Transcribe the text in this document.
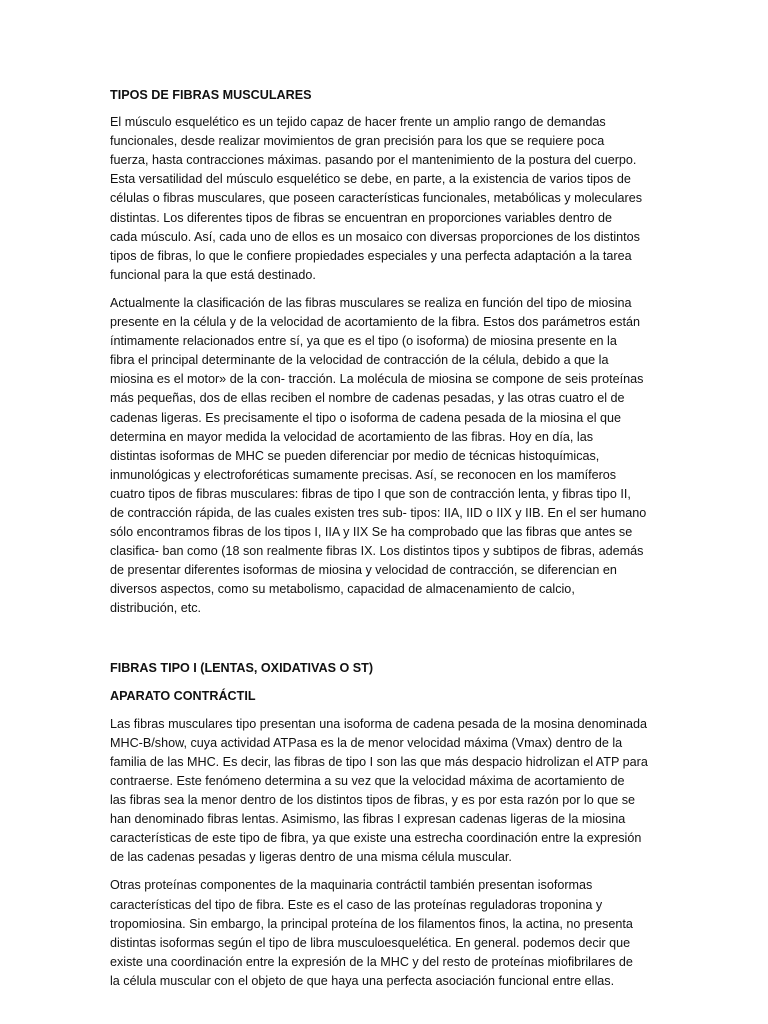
TIPOS DE FIBRAS MUSCULARES
El músculo esquelético es un tejido capaz de hacer frente un amplio rango de demandas
funcionales, desde realizar movimientos de gran precisión para los que se requiere poca
fuerza, hasta contracciones máximas. pasando por el mantenimiento de la postura del cuerpo.
Esta versatilidad del músculo esquelético se debe, en parte, a la existencia de varios tipos de
células o fibras musculares, que poseen características funcionales, metabólicas y moleculares
distintas. Los diferentes tipos de fibras se encuentran en proporciones variables dentro de
cada músculo. Así, cada uno de ellos es un mosaico con diversas proporciones de los distintos
tipos de fibras, lo que le confiere propiedades especiales y una perfecta adaptación a la tarea
funcional para la que está destinado.
Actualmente la clasificación de las fibras musculares se realiza en función del tipo de miosina
presente en la célula y de la velocidad de acortamiento de la fibra. Estos dos parámetros están
íntimamente relacionados entre sí, ya que es el tipo (o isoforma) de miosina presente en la
fibra el principal determinante de la velocidad de contracción de la célula, debido a que la
miosina es el motor» de la con- tracción. La molécula de miosina se compone de seis proteínas
más pequeñas, dos de ellas reciben el nombre de cadenas pesadas, y las otras cuatro el de
cadenas ligeras. Es precisamente el tipo o isoforma de cadena pesada de la miosina el que
determina en mayor medida la velocidad de acortamiento de las fibras. Hoy en día, las
distintas isoformas de MHC se pueden diferenciar por medio de técnicas histoquímicas,
inmunológicas y electroforéticas sumamente precisas. Así, se reconocen en los mamíferos
cuatro tipos de fibras musculares: fibras de tipo I que son de contracción lenta, y fibras tipo II,
de contracción rápida, de las cuales existen tres sub- tipos: IIA, IID o IIX y IIB. En el ser humano
sólo encontramos fibras de los tipos I, IIA y IIX Se ha comprobado que las fibras que antes se
clasifica- ban como (18 son realmente fibras IX. Los distintos tipos y subtipos de fibras, además
de presentar diferentes isoformas de miosina y velocidad de contracción, se diferencian en
diversos aspectos, como su metabolismo, capacidad de almacenamiento de calcio,
distribución, etc.
FIBRAS TIPO I (LENTAS, OXIDATIVAS O ST)
APARATO CONTRÁCTIL
Las fibras musculares tipo presentan una isoforma de cadena pesada de la mosina denominada
MHC-B/show, cuya actividad ATPasa es la de menor velocidad máxima (Vmax) dentro de la
familia de las MHC. Es decir, las fibras de tipo I son las que más despacio hidrolizan el ATP para
contraerse. Este fenómeno determina a su vez que la velocidad máxima de acortamiento de
las fibras sea la menor dentro de los distintos tipos de fibras, y es por esta razón por lo que se
han denominado fibras lentas. Asimismo, las fibras I expresan cadenas ligeras de la miosina
características de este tipo de fibra, ya que existe una estrecha coordinación entre la expresión
de las cadenas pesadas y ligeras dentro de una misma célula muscular.
Otras proteínas componentes de la maquinaria contráctil también presentan isoformas
características del tipo de fibra. Este es el caso de las proteínas reguladoras troponina y
tropomiosina. Sin embargo, la principal proteína de los filamentos finos, la actina, no presenta
distintas isoformas según el tipo de libra musculoesquelética. En general. podemos decir que
existe una coordinación entre la expresión de la MHC y del resto de proteínas miofibrilares de
la célula muscular con el objeto de que haya una perfecta asociación funcional entre ellas.
